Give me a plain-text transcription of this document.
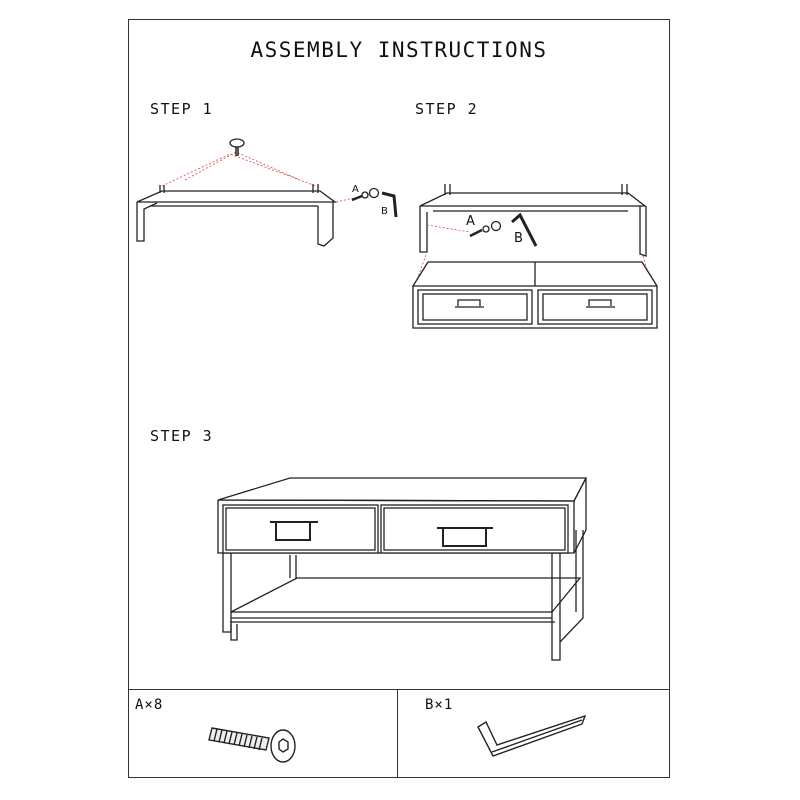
ASSEMBLY INSTRUCTIONS
STEP 1	STEP 2
STEP 3
A×8	B×1
A
B
A
B
